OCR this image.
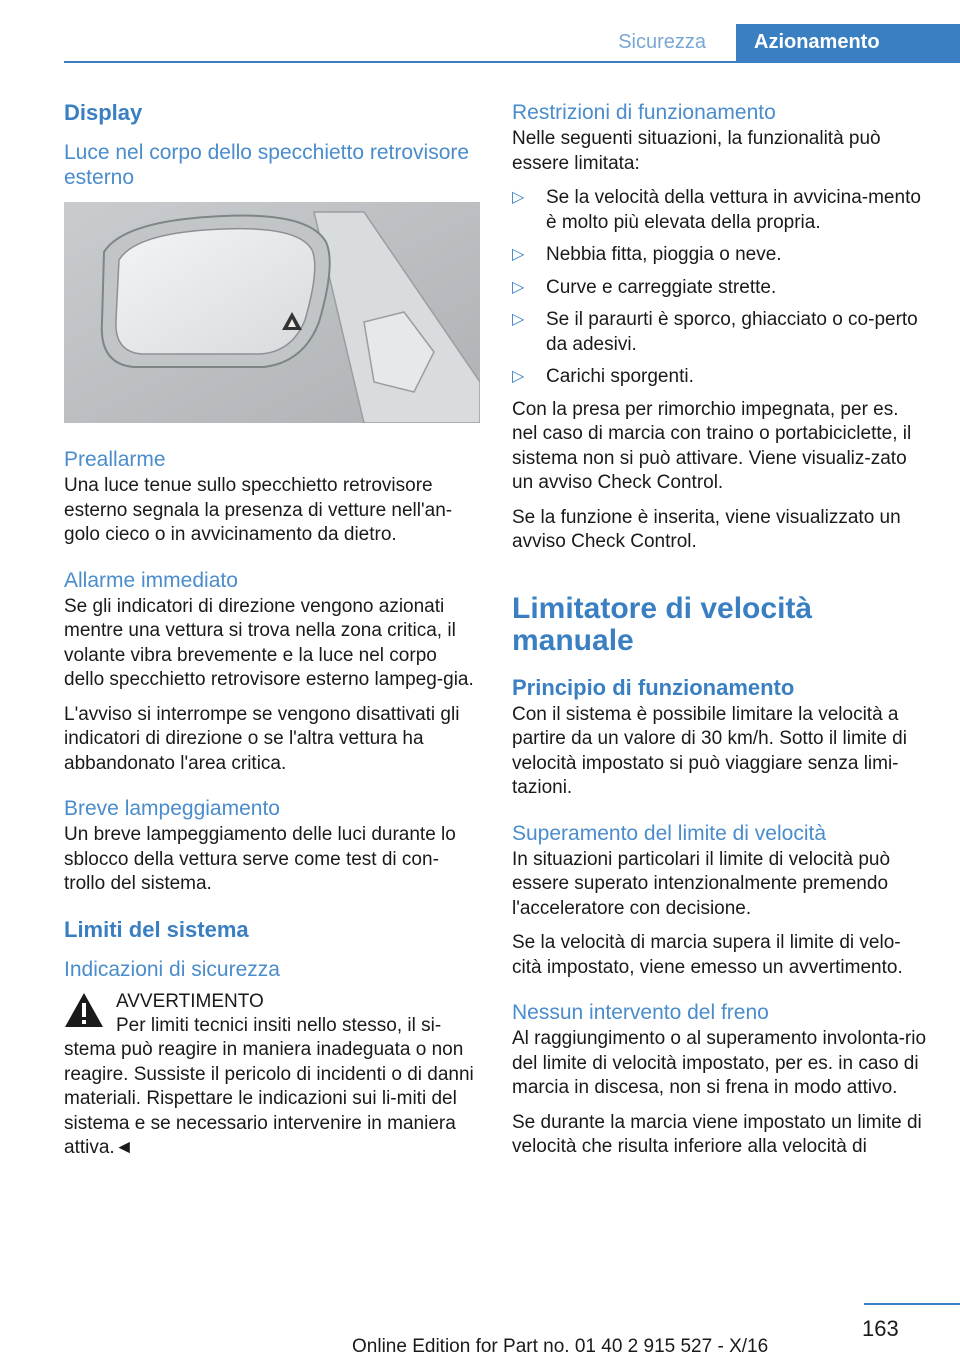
Sicurezza	Azionamento
Display
Luce nel corpo dello specchietto retrovisore esterno
Preallarme

Una luce tenue sullo specchietto retrovisore esterno segnala la presenza di vetture nell'an-golo cieco o in avvicinamento da dietro.

Allarme immediato

Se gli indicatori di direzione vengono azionati mentre una vettura si trova nella zona critica, il volante vibra brevemente e la luce nel corpo dello specchietto retrovisore esterno lampeg-gia.

L'avviso si interrompe se vengono disattivati gli indicatori di direzione o se l'altra vettura ha abbandonato l'area critica.

Breve lampeggiamento

Un breve lampeggiamento delle luci durante lo sblocco della vettura serve come test di con-trollo del sistema.

Limiti del sistema
Indicazioni di sicurezza
AVVERTIMENTO

Per limiti tecnici insiti nello stesso, il si-stema può reagire in maniera inadeguata o non reagire. Sussiste il pericolo di incidenti o di danni materiali. Rispettare le indicazioni sui li-miti del sistema e se necessario intervenire in maniera attiva.◄

Restrizioni di funzionamento

Nelle seguenti situazioni, la funzionalità può essere limitata:

▷ Se la velocità della vettura in avvicina-mento è molto più elevata della propria.
▷ Nebbia fitta, pioggia o neve.
▷ Curve e carreggiate strette.
▷ Se il paraurti è sporco, ghiacciato o co-perto da adesivi.
▷ Carichi sporgenti.

Con la presa per rimorchio impegnata, per es. nel caso di marcia con traino o portabiciclette, il sistema non si può attivare. Viene visualiz-zato un avviso Check Control.

Se la funzione è inserita, viene visualizzato un avviso Check Control.

Limitatore di velocità manuale
Principio di funzionamento

Con il sistema è possibile limitare la velocità a partire da un valore di 30 km/h. Sotto il limite di velocità impostato si può viaggiare senza limi-tazioni.

Superamento del limite di velocità

In situazioni particolari il limite di velocità può essere superato intenzionalmente premendo l'acceleratore con decisione.

Se la velocità di marcia supera il limite di velo-cità impostato, viene emesso un avvertimento.

Nessun intervento del freno

Al raggiungimento o al superamento involonta-rio del limite di velocità impostato, per es. in caso di marcia in discesa, non si frena in modo attivo.

Se durante la marcia viene impostato un limite di velocità che risulta inferiore alla velocità di

163
Online Edition for Part no. 01 40 2 915 527 - X/16
